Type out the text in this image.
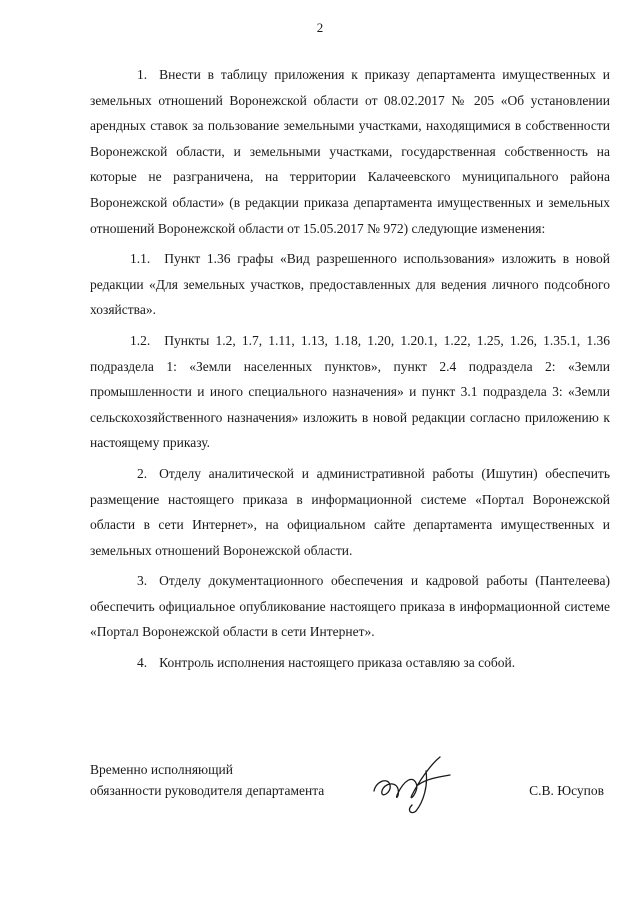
2

1. Внести в таблицу приложения к приказу департамента имущественных и земельных отношений Воронежской области от 08.02.2017 № 205 «Об установлении арендных ставок за пользование земельными участками, находящимися в собственности Воронежской области, и земельными участками, государственная собственность на которые не разграничена, на территории Калачеевского муниципального района Воронежской области» (в редакции приказа департамента имущественных и земельных отношений Воронежской области от 15.05.2017 № 972) следующие изменения:

1.1. Пункт 1.36 графы «Вид разрешенного использования» изложить в новой редакции «Для земельных участков, предоставленных для ведения личного подсобного хозяйства».

1.2. Пункты 1.2, 1.7, 1.11, 1.13, 1.18, 1.20, 1.20.1, 1.22, 1.25, 1.26, 1.35.1, 1.36 подраздела 1: «Земли населенных пунктов», пункт 2.4 подраздела 2: «Земли промышленности и иного специального назначения» и пункт 3.1 подраздела 3: «Земли сельскохозяйственного назначения» изложить в новой редакции согласно приложению к настоящему приказу.

2. Отделу аналитической и административной работы (Ишутин) обеспечить размещение настоящего приказа в информационной системе «Портал Воронежской области в сети Интернет», на официальном сайте департамента имущественных и земельных отношений Воронежской области.

3. Отделу документационного обеспечения и кадровой работы (Пантелеева) обеспечить официальное опубликование настоящего приказа в информационной системе «Портал Воронежской области в сети Интернет».

4. Контроль исполнения настоящего приказа оставляю за собой.

Временно исполняющий
обязанности руководителя департамента	С.В. Юсупов
